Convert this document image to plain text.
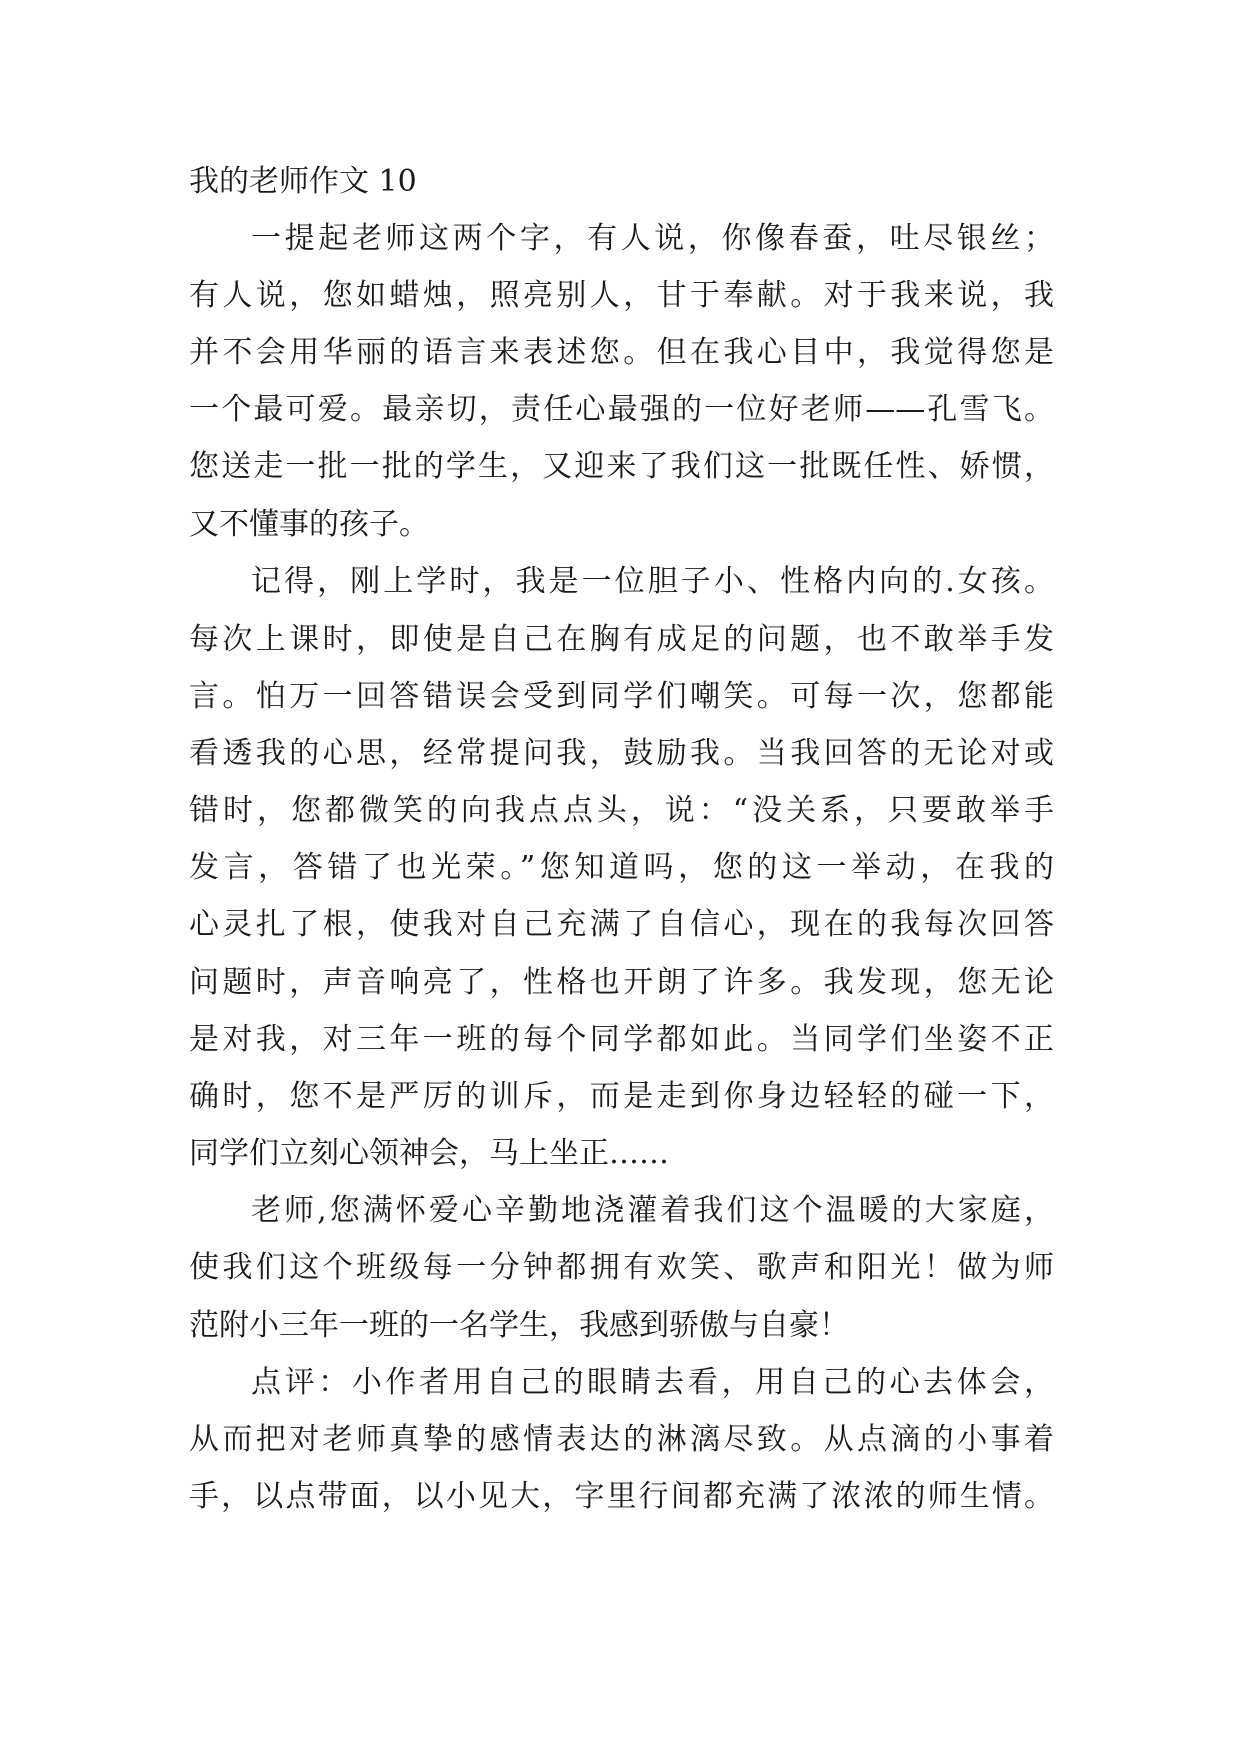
我的老师作文 10
一提起老师这两个字，有人说，你像春蚕，吐尽银丝；
有人说，您如蜡烛，照亮别人，甘于奉献。对于我来说，我
并不会用华丽的语言来表述您。但在我心目中，我觉得您是
一个最可爱。最亲切，责任心最强的一位好老师——孔雪飞。
您送走一批一批的学生，又迎来了我们这一批既任性、娇惯，
又不懂事的孩子。
记得，刚上学时，我是一位胆子小、性格内向的.女孩。
每次上课时，即使是自己在胸有成足的问题，也不敢举手发
言。怕万一回答错误会受到同学们嘲笑。可每一次，您都能
看透我的心思，经常提问我，鼓励我。当我回答的无论对或
错时，您都微笑的向我点点头，说：“没关系，只要敢举手
发言，答错了也光荣。”您知道吗，您的这一举动，在我的
心灵扎了根，使我对自己充满了自信心，现在的我每次回答
问题时，声音响亮了，性格也开朗了许多。我发现，您无论
是对我，对三年一班的每个同学都如此。当同学们坐姿不正
确时，您不是严厉的训斥，而是走到你身边轻轻的碰一下，
同学们立刻心领神会，马上坐正……
老师,您满怀爱心辛勤地浇灌着我们这个温暖的大家庭，
使我们这个班级每一分钟都拥有欢笑、歌声和阳光！做为师
范附小三年一班的一名学生，我感到骄傲与自豪！
点评：小作者用自己的眼睛去看，用自己的心去体会，
从而把对老师真挚的感情表达的淋漓尽致。从点滴的小事着
手，以点带面，以小见大，字里行间都充满了浓浓的师生情。
